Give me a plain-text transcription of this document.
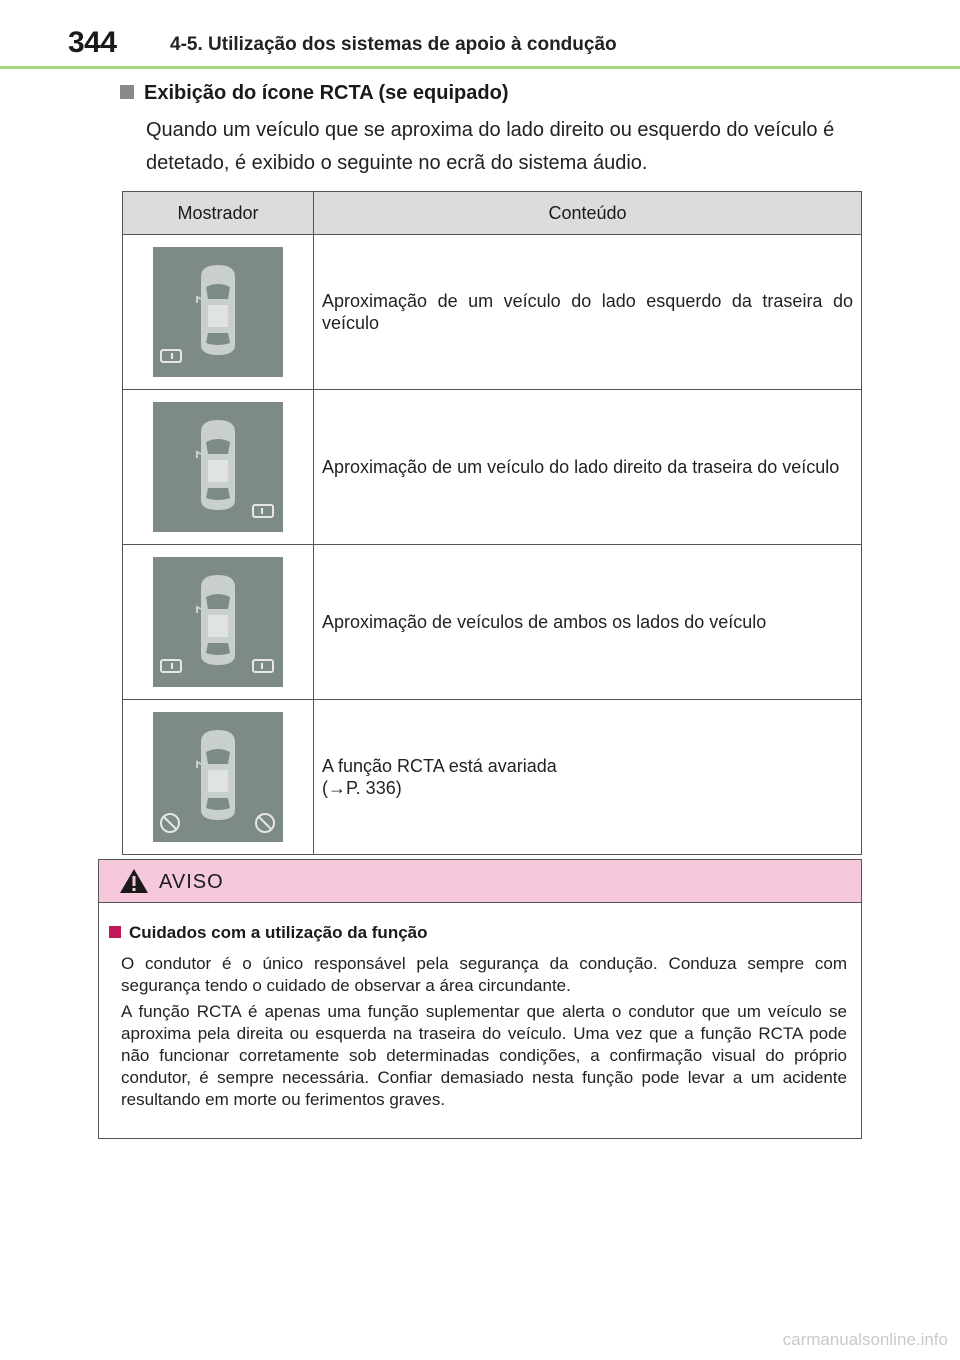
344	4-5. Utilização dos sistemas de apoio à condução
Exibição do ícone RCTA (se equipado)
Quando um veículo que se aproxima do lado direito ou esquerdo do veículo é detetado, é exibido o seguinte no ecrã do sistema áudio.
Mostrador	Conteúdo
	Aproximação de um veículo do lado esquerdo da traseira do veículo
	Aproximação de um veículo do lado direito da traseira do veículo
	Aproximação de veículos de ambos os lados do veículo
	A função RCTA está avariada
(→P. 336)
AVISO
Cuidados com a utilização da função
O condutor é o único responsável pela segurança da condução. Conduza sempre com segurança tendo o cuidado de observar a área circundante.
A função RCTA é apenas uma função suplementar que alerta o condutor que um veículo se aproxima pela direita ou esquerda na traseira do veículo. Uma vez que a função RCTA pode não funcionar corretamente sob determinadas condições, a confirmação visual do próprio condutor, é sempre necessária. Confiar demasiado nesta função pode levar a um acidente resultando em morte ou ferimentos graves.
carmanualsonline.info
